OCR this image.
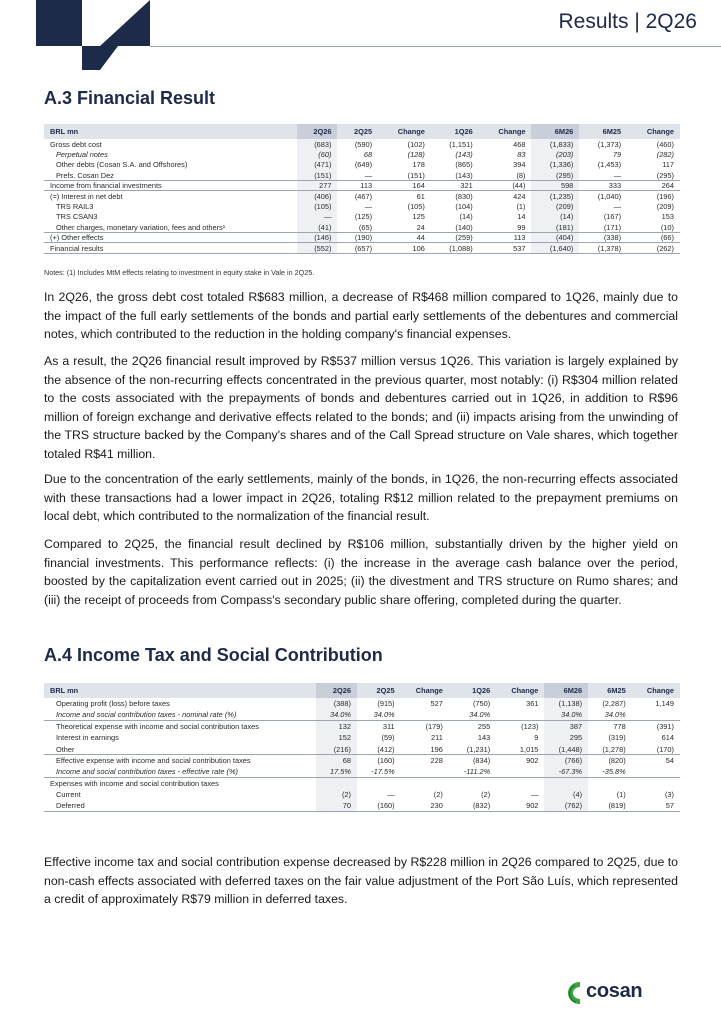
Results | 2Q26
A.3 Financial Result
BRL mn	2Q26	2Q25	Change	1Q26	Change	6M26	6M25	Change
Gross debt cost	(683)	(590)	(102)	(1,151)	468	(1,833)	(1,373)	(460)
Perpetual notes	(60)	68	(128)	(143)	83	(203)	79	(282)
Other debts (Cosan S.A. and Offshores)	(471)	(649)	178	(865)	394	(1,336)	(1,453)	117
Prefs. Cosan Dez	(151)	—	(151)	(143)	(8)	(295)	—	(295)
Income from financial investments	277	113	164	321	(44)	598	333	264
(=) Interest in net debt	(406)	(467)	61	(830)	424	(1,235)	(1,040)	(196)
TRS RAIL3	(105)	—	(105)	(104)	(1)	(209)	—	(209)
TRS CSAN3	—	(125)	125	(14)	14	(14)	(167)	153
Other charges, monetary variation, fees and others¹	(41)	(65)	24	(140)	99	(181)	(171)	(10)
(+) Other effects	(146)	(190)	44	(259)	113	(404)	(338)	(66)
Financial results	(552)	(657)	106	(1,088)	537	(1,640)	(1,378)	(262)
Notes: (1) Includes MtM effects relating to investment in equity stake in Vale in 2Q25.

In 2Q26, the gross debt cost totaled R$683 million, a decrease of R$468 million compared to 1Q26, mainly due to the impact of the full early settlements of the bonds and partial early settlements of the debentures and commercial notes, which contributed to the reduction in the holding company's financial expenses.

As a result, the 2Q26 financial result improved by R$537 million versus 1Q26. This variation is largely explained by the absence of the non-recurring effects concentrated in the previous quarter, most notably: (i) R$304 million related to the costs associated with the prepayments of bonds and debentures carried out in 1Q26, in addition to R$96 million of foreign exchange and derivative effects related to the bonds; and (ii) impacts arising from the unwinding of the TRS structure backed by the Company's shares and of the Call Spread structure on Vale shares, which together totaled R$41 million.

Due to the concentration of the early settlements, mainly of the bonds, in 1Q26, the non-recurring effects associated with these transactions had a lower impact in 2Q26, totaling R$12 million related to the prepayment premiums on local debt, which contributed to the normalization of the financial result.

Compared to 2Q25, the financial result declined by R$106 million, substantially driven by the higher yield on financial investments. This performance reflects: (i) the increase in the average cash balance over the period, boosted by the capitalization event carried out in 2025; (ii) the divestment and TRS structure on Rumo shares; and (iii) the receipt of proceeds from Compass's secondary public share offering, completed during the quarter.

A.4 Income Tax and Social Contribution
BRL mn	2Q26	2Q25	Change	1Q26	Change	6M26	6M25	Change
Operating profit (loss) before taxes	(388)	(915)	527	(750)	361	(1,138)	(2,287)	1,149
Income and social contribution taxes - nominal rate (%)	34.0%	34.0%		34.0%		34.0%	34.0%	
Theoretical expense with income and social contribution taxes	132	311	(179)	255	(123)	387	778	(391)
Interest in earnings	152	(59)	211	143	9	295	(319)	614
Other	(216)	(412)	196	(1,231)	1,015	(1,448)	(1,278)	(170)
Effective expense with income and social contribution taxes	68	(160)	228	(834)	902	(766)	(820)	54
Income and social contribution taxes - effective rate (%)	17.5%	-17.5%		-111.2%		-67.3%	-35.8%	
Expenses with income and social contribution taxes								
Current	(2)	—	(2)	(2)	—	(4)	(1)	(3)
Deferred	70	(160)	230	(832)	902	(762)	(819)	57

Effective income tax and social contribution expense decreased by R$228 million in 2Q26 compared to 2Q25, due to non-cash effects associated with deferred taxes on the fair value adjustment of the Port São Luís, which represented a credit of approximately R$79 million in deferred taxes.

cosan
